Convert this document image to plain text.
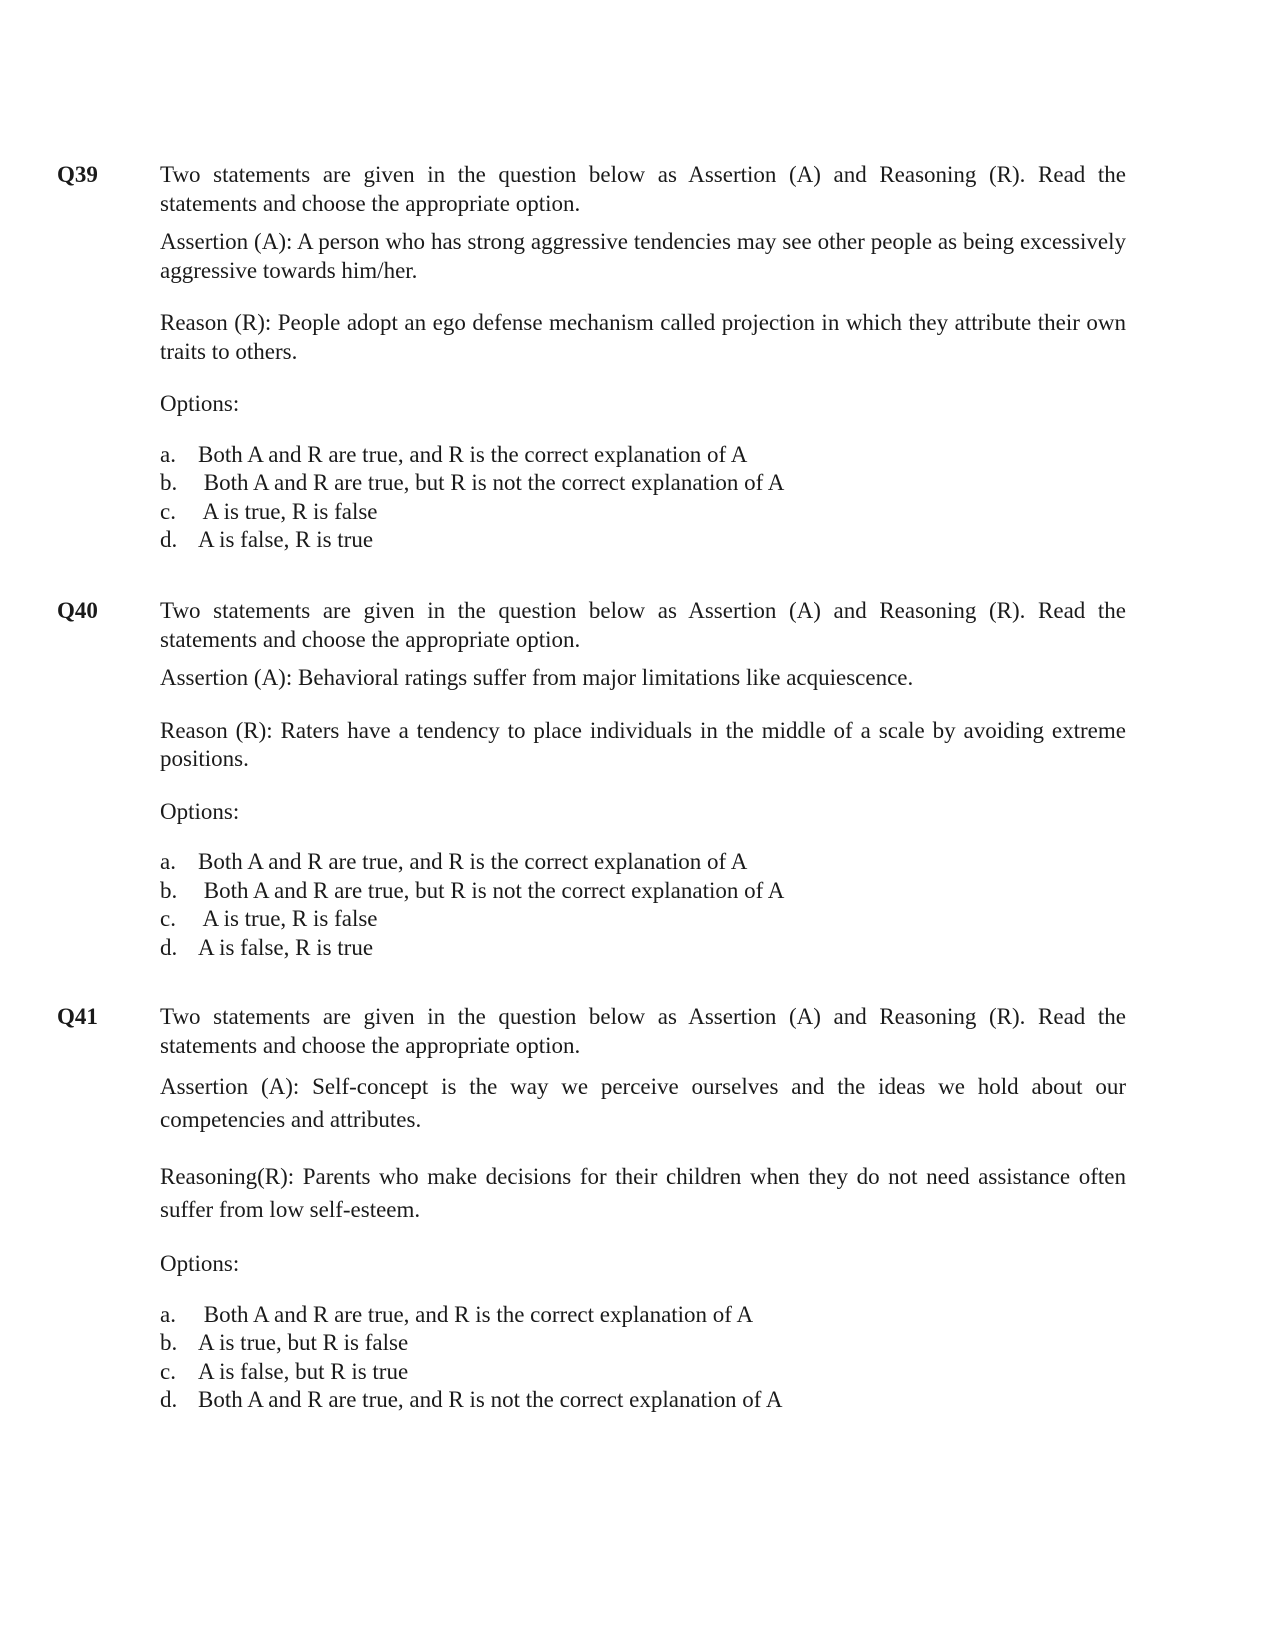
Q39	Two statements are given in the question below as Assertion (A) and Reasoning (R). Read the statements and choose the appropriate option.

Assertion (A): A person who has strong aggressive tendencies may see other people as being excessively aggressive towards him/her.

Reason (R): People adopt an ego defense mechanism called projection in which they attribute their own traits to others.

Options:

a. Both A and R are true, and R is the correct explanation of A
b. Both A and R are true, but R is not the correct explanation of A
c. A is true, R is false
d. A is false, R is true
Q40	Two statements are given in the question below as Assertion (A) and Reasoning (R). Read the statements and choose the appropriate option.

Assertion (A): Behavioral ratings suffer from major limitations like acquiescence.

Reason (R): Raters have a tendency to place individuals in the middle of a scale by avoiding extreme positions.

Options:

a. Both A and R are true, and R is the correct explanation of A
b. Both A and R are true, but R is not the correct explanation of A
c. A is true, R is false
d. A is false, R is true
Q41	Two statements are given in the question below as Assertion (A) and Reasoning (R). Read the statements and choose the appropriate option.

Assertion (A): Self-concept is the way we perceive ourselves and the ideas we hold about our competencies and attributes.

Reasoning(R): Parents who make decisions for their children when they do not need assistance often suffer from low self-esteem.

Options:

a. Both A and R are true, and R is the correct explanation of A
b. A is true, but R is false
c. A is false, but R is true
d. Both A and R are true, and R is not the correct explanation of A
